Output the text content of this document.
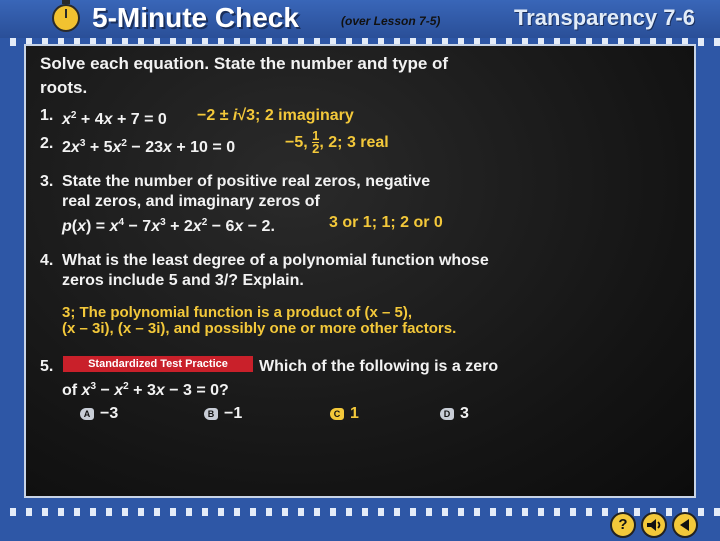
5-Minute Check	(over Lesson 7-5)	Transparency 7-6
Solve each equation. State the number and type of
roots.
1. $x^2 + 4x + 7 = 0 -2 \pm i√3$; 2 imaginary
2. $2x^3 + 5x^2 - 23x + 10 = 0$	−5, $\frac{1}{2}$ , 2; 3 real
3. State the number of positive real zeros, negative
real zeros, and imaginary zeros of
$p(x) = x^4 - 7x^3 + 2x^2 - 6x - 2$.	3 or 1; 1; 2 or 0
4. What is the least degree of a polynomial function whose
zeros include 5 and 3/? Explain.
3; The polynomial function is a product of (x – 5),
(x – 3i), (x – 3i), and possibly one or more other factors.
5.	Standardized Test Practice	Which of the following is a zero
of $x^3 - x^2 + 3x - 3 = 0$?
A −3	B −1	C 1	D 3
?
